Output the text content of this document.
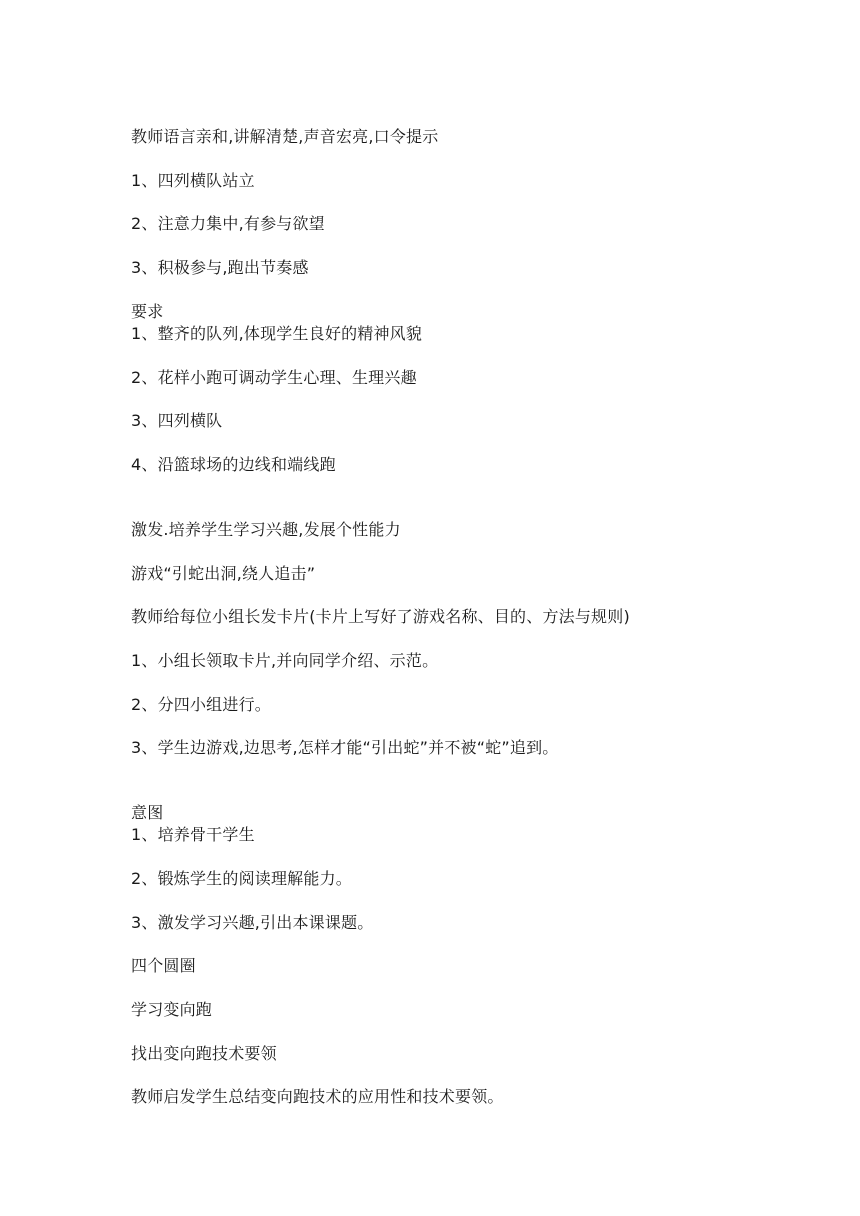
教师语言亲和,讲解清楚,声音宏亮,口令提示
1、四列横队站立
2、注意力集中,有参与欲望
3、积极参与,跑出节奏感
要求
1、整齐的队列,体现学生良好的精神风貌
2、花样小跑可调动学生心理、生理兴趣
3、四列横队
4、沿篮球场的边线和端线跑
激发.培养学生学习兴趣,发展个性能力
游戏“引蛇出洞,绕人追击”
教师给每位小组长发卡片(卡片上写好了游戏名称、目的、方法与规则)
1、小组长领取卡片,并向同学介绍、示范。
2、分四小组进行。
3、学生边游戏,边思考,怎样才能“引出蛇”并不被“蛇”追到。
意图
1、培养骨干学生
2、锻炼学生的阅读理解能力。
3、激发学习兴趣,引出本课课题。
四个圆圈
学习变向跑
找出变向跑技术要领
教师启发学生总结变向跑技术的应用性和技术要领。
